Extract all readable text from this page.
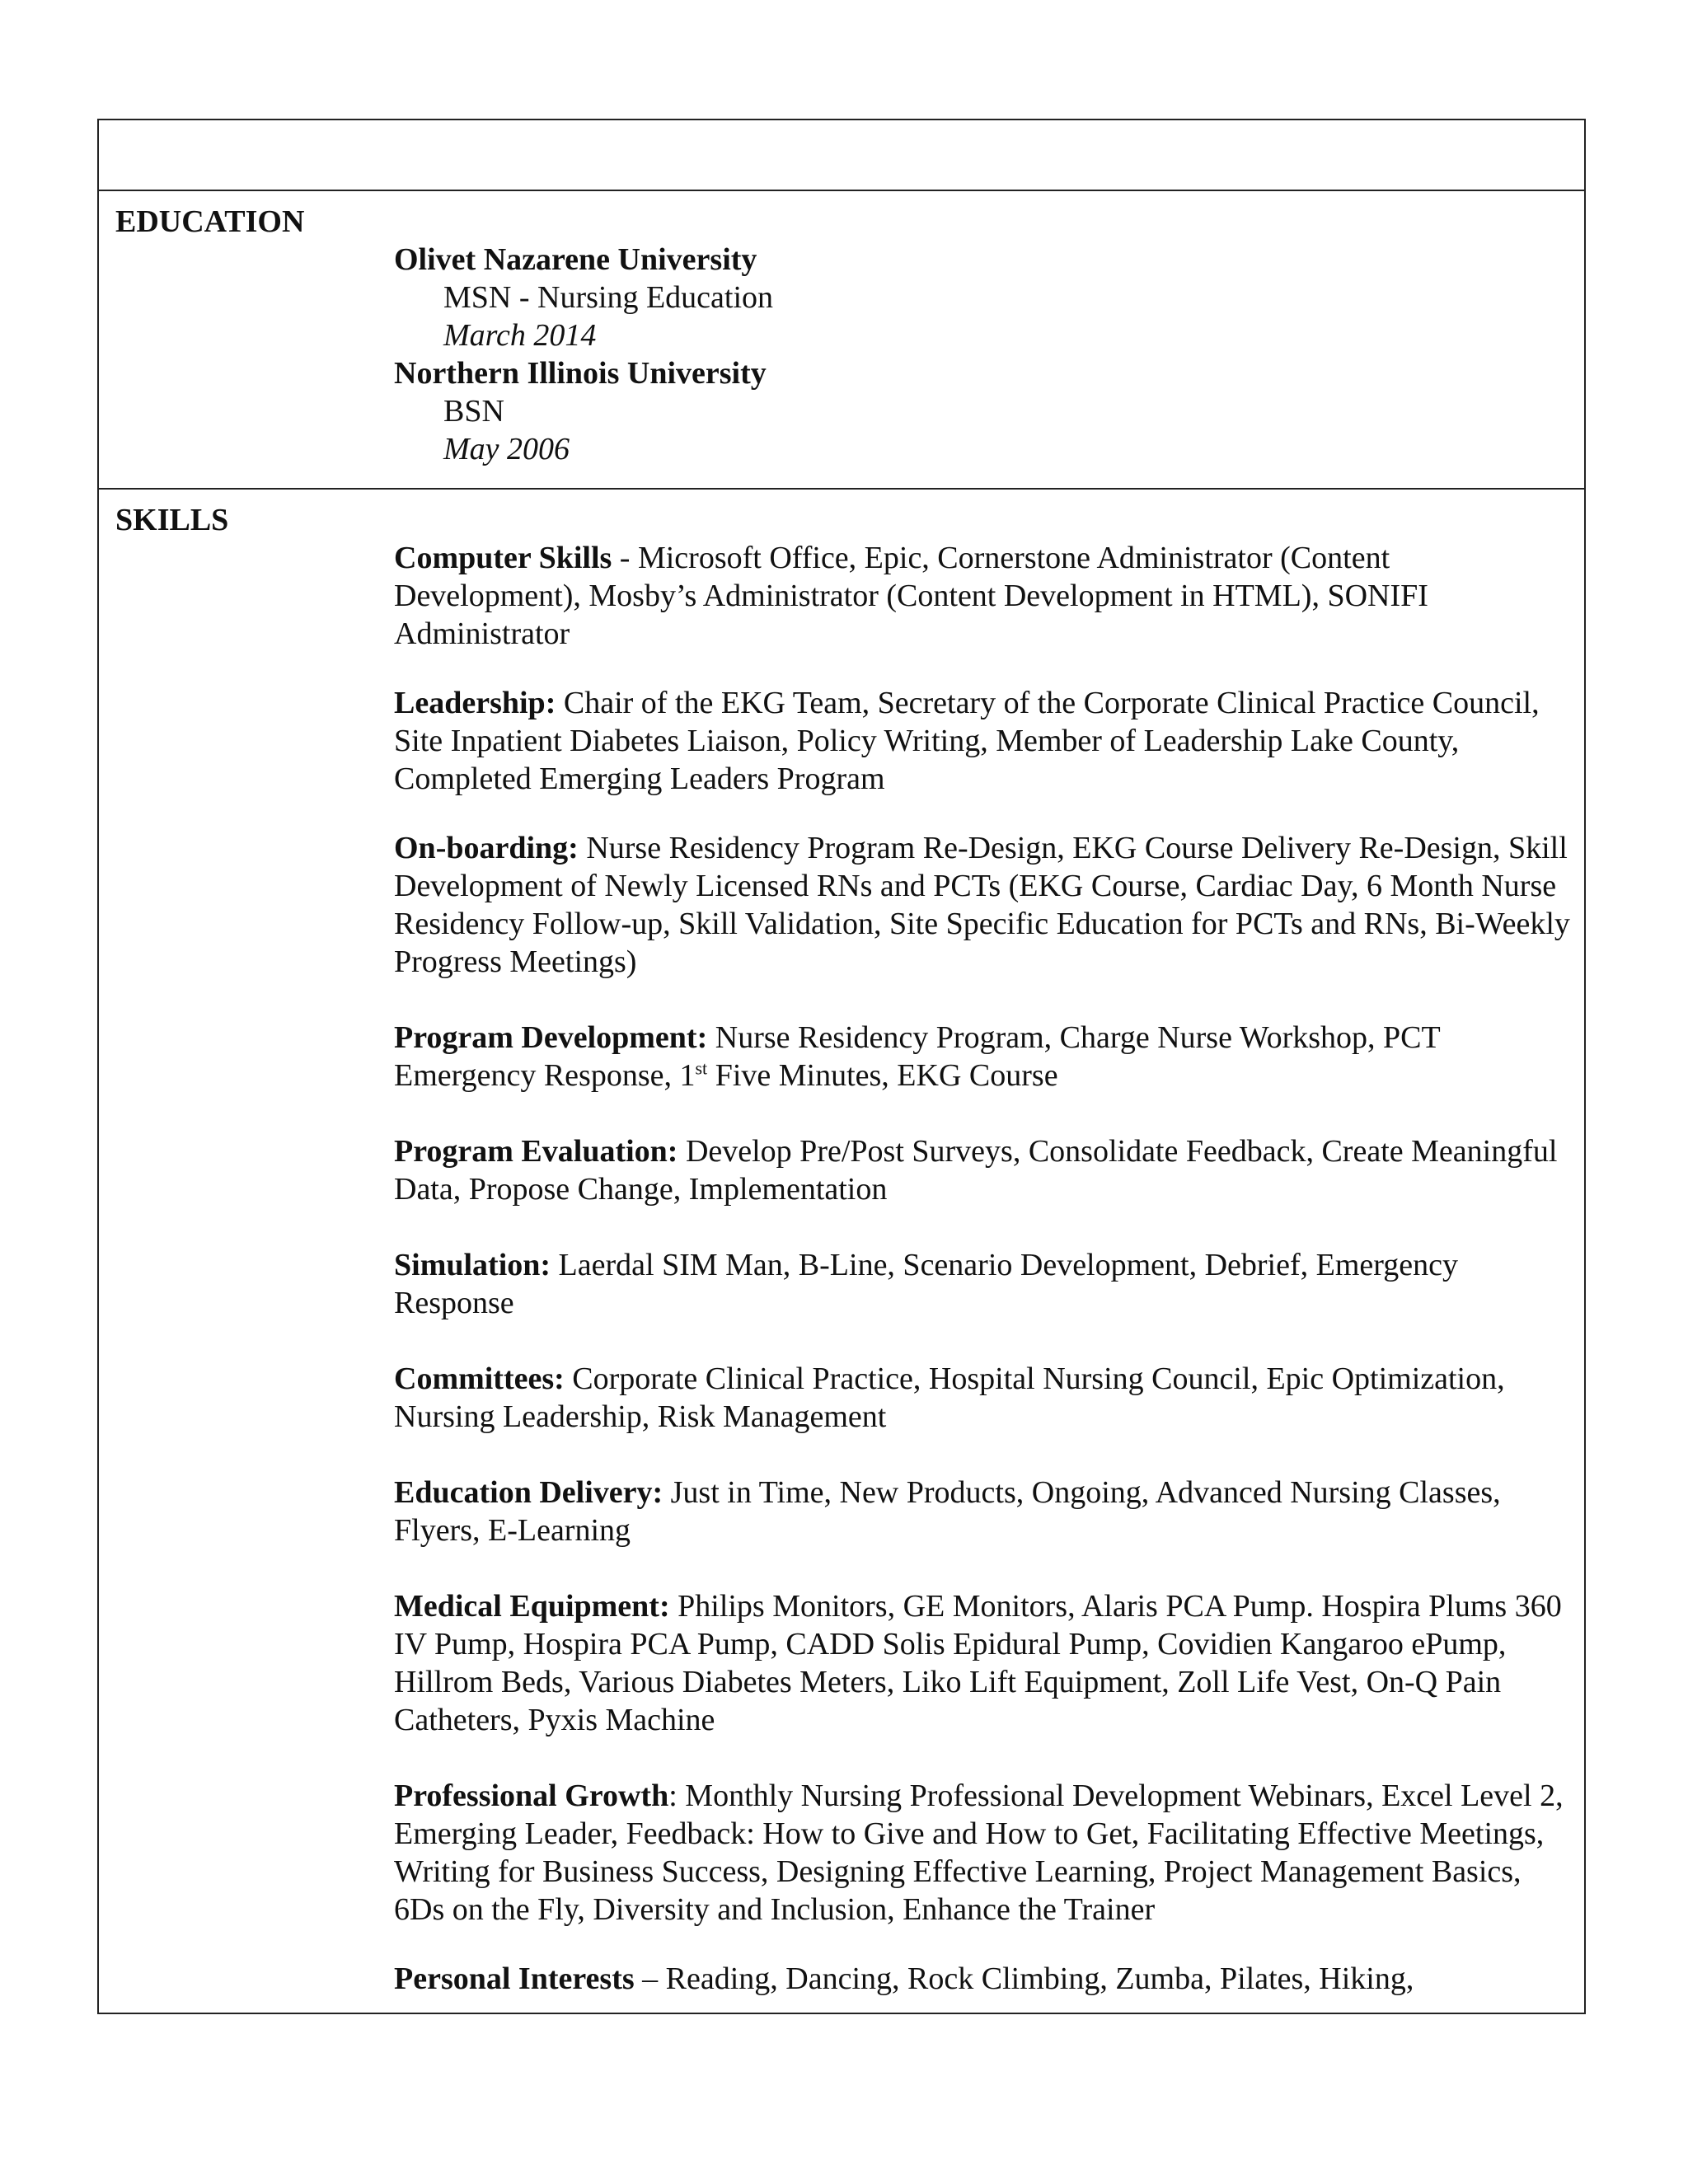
EDUCATION

Olivet Nazarene University

MSN - Nursing Education

March 2014

Northern Illinois University

BSN

May 2006

SKILLS

Computer Skills - Microsoft Office, Epic, Cornerstone Administrator (Content Development), Mosby’s Administrator (Content Development in HTML), SONIFI Administrator

Leadership: Chair of the EKG Team, Secretary of the Corporate Clinical Practice Council, Site Inpatient Diabetes Liaison, Policy Writing, Member of Leadership Lake County, Completed Emerging Leaders Program

On-boarding: Nurse Residency Program Re-Design, EKG Course Delivery Re-Design, Skill Development of Newly Licensed RNs and PCTs (EKG Course, Cardiac Day, 6 Month Nurse Residency Follow-up, Skill Validation, Site Specific Education for PCTs and RNs, Bi-Weekly Progress Meetings)

Program Development: Nurse Residency Program, Charge Nurse Workshop, PCT Emergency Response, 1st Five Minutes, EKG Course

Program Evaluation: Develop Pre/Post Surveys, Consolidate Feedback, Create Meaningful Data, Propose Change, Implementation

Simulation: Laerdal SIM Man, B-Line, Scenario Development, Debrief, Emergency Response

Committees: Corporate Clinical Practice, Hospital Nursing Council, Epic Optimization, Nursing Leadership, Risk Management

Education Delivery: Just in Time, New Products, Ongoing, Advanced Nursing Classes, Flyers, E-Learning

Medical Equipment: Philips Monitors, GE Monitors, Alaris PCA Pump. Hospira Plums 360 IV Pump, Hospira PCA Pump, CADD Solis Epidural Pump, Covidien Kangaroo ePump, Hillrom Beds, Various Diabetes Meters, Liko Lift Equipment, Zoll Life Vest, On-Q Pain Catheters, Pyxis Machine

Professional Growth: Monthly Nursing Professional Development Webinars, Excel Level 2, Emerging Leader, Feedback: How to Give and How to Get, Facilitating Effective Meetings, Writing for Business Success, Designing Effective Learning, Project Management Basics, 6Ds on the Fly, Diversity and Inclusion, Enhance the Trainer

Personal Interests – Reading, Dancing, Rock Climbing, Zumba, Pilates, Hiking,
